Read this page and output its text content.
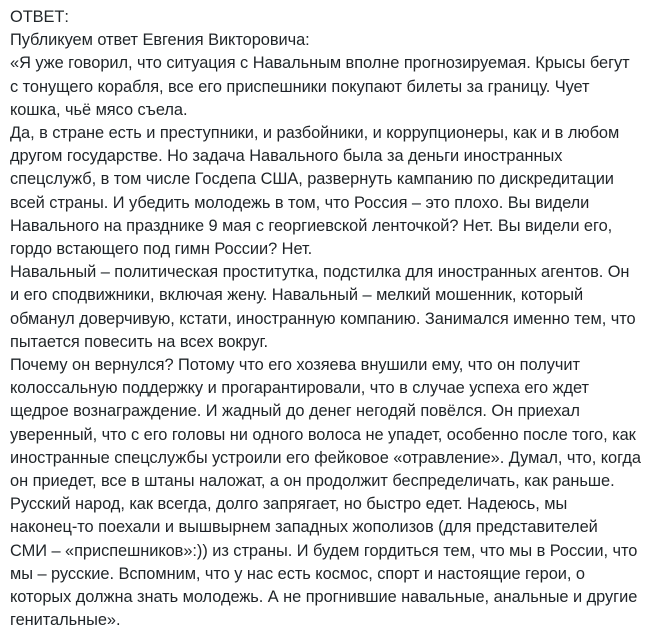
ОТВЕТ:

Публикуем ответ Евгения Викторовича:

«Я уже говорил, что ситуация с Навальным вполне прогнозируемая. Крысы бегут
с тонущего корабля, все его приспешники покупают билеты за границу. Чует
кошка, чьё мясо съела.

Да, в стране есть и преступники, и разбойники, и коррупционеры, как и в любом
другом государстве. Но задача Навального была за деньги иностранных
спецслужб, в том числе Госдепа США, развернуть кампанию по дискредитации
всей страны. И убедить молодежь в том, что Россия – это плохо. Вы видели
Навального на празднике 9 мая с георгиевской ленточкой? Нет. Вы видели его,
гордо встающего под гимн России? Нет.

Навальный – политическая проститутка, подстилка для иностранных агентов. Он
и его сподвижники, включая жену. Навальный – мелкий мошенник, который
обманул доверчивую, кстати, иностранную компанию. Занимался именно тем, что
пытается повесить на всех вокруг.

Почему он вернулся? Потому что его хозяева внушили ему, что он получит
колоссальную поддержку и прогарантировали, что в случае успеха его ждет
щедрое вознаграждение. И жадный до денег негодяй повёлся. Он приехал
уверенный, что с его головы ни одного волоса не упадет, особенно после того, как
иностранные спецслужбы устроили его фейковое «отравление». Думал, что, когда
он приедет, все в штаны наложат, а он продолжит беспределичать, как раньше.

Русский народ, как всегда, долго запрягает, но быстро едет. Надеюсь, мы
наконец-то поехали и вышвырнем западных жополизов (для представителей
СМИ – «приспешников»:)) из страны. И будем гордиться тем, что мы в России, что
мы – русские. Вспомним, что у нас есть космос, спорт и настоящие герои, о
которых должна знать молодежь. А не прогнившие навальные, анальные и другие
генитальные».
